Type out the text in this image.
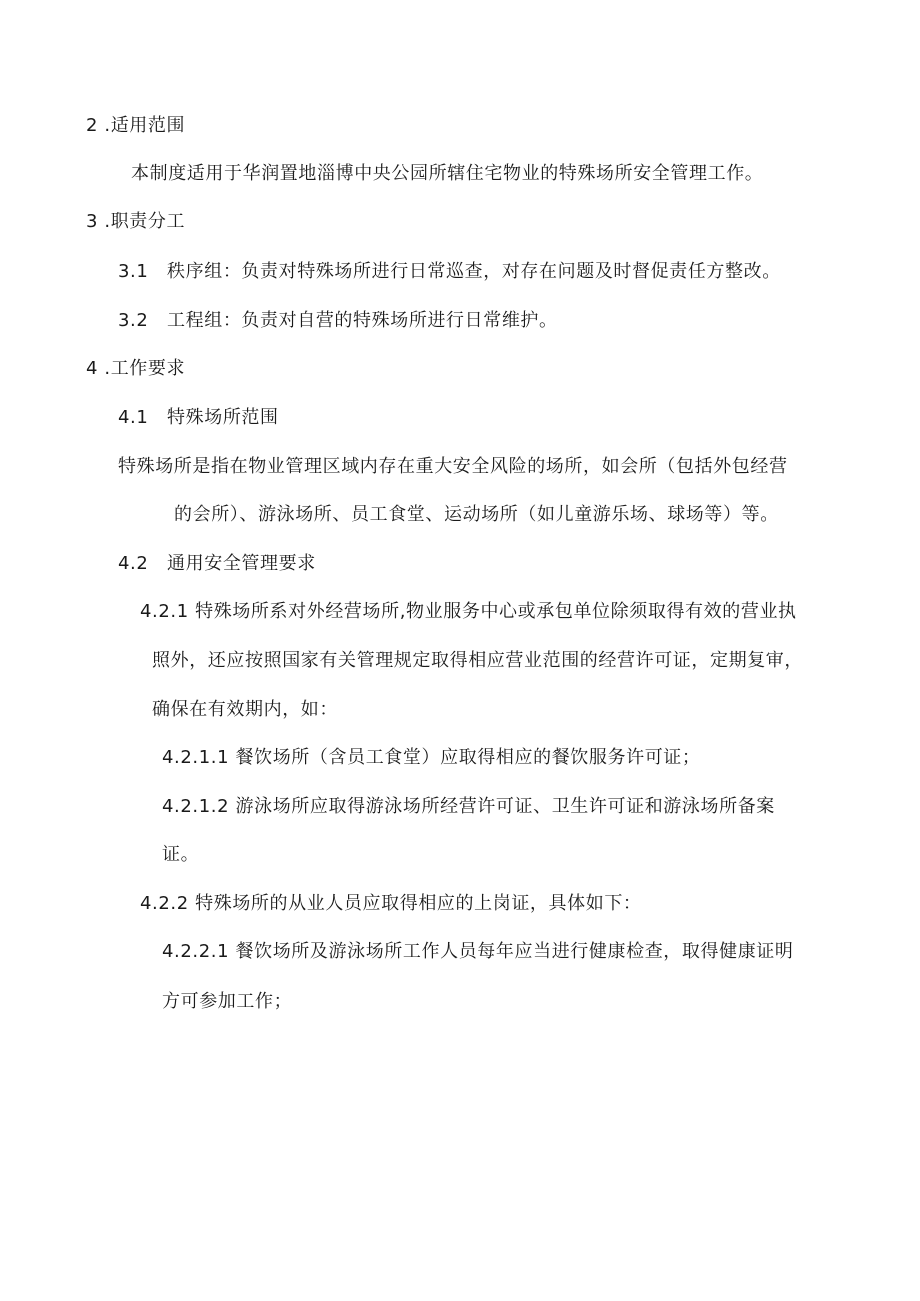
2 .适用范围
本制度适用于华润置地淄博中央公园所辖住宅物业的特殊场所安全管理工作。
3 .职责分工
3.1　秩序组：负责对特殊场所进行日常巡查，对存在问题及时督促责任方整改。
3.2　工程组：负责对自营的特殊场所进行日常维护。
4 .工作要求
4.1　特殊场所范围
特殊场所是指在物业管理区域内存在重大安全风险的场所，如会所（包括外包经营
的会所）、游泳场所、员工食堂、运动场所（如儿童游乐场、球场等）等。
4.2　通用安全管理要求
4.2.1 特殊场所系对外经营场所,物业服务中心或承包单位除须取得有效的营业执
照外，还应按照国家有关管理规定取得相应营业范围的经营许可证，定期复审，
确保在有效期内，如：
4.2.1.1 餐饮场所（含员工食堂）应取得相应的餐饮服务许可证；
4.2.1.2 游泳场所应取得游泳场所经营许可证、卫生许可证和游泳场所备案
证。
4.2.2 特殊场所的从业人员应取得相应的上岗证，具体如下：
4.2.2.1 餐饮场所及游泳场所工作人员每年应当进行健康检查，取得健康证明
方可参加工作；
